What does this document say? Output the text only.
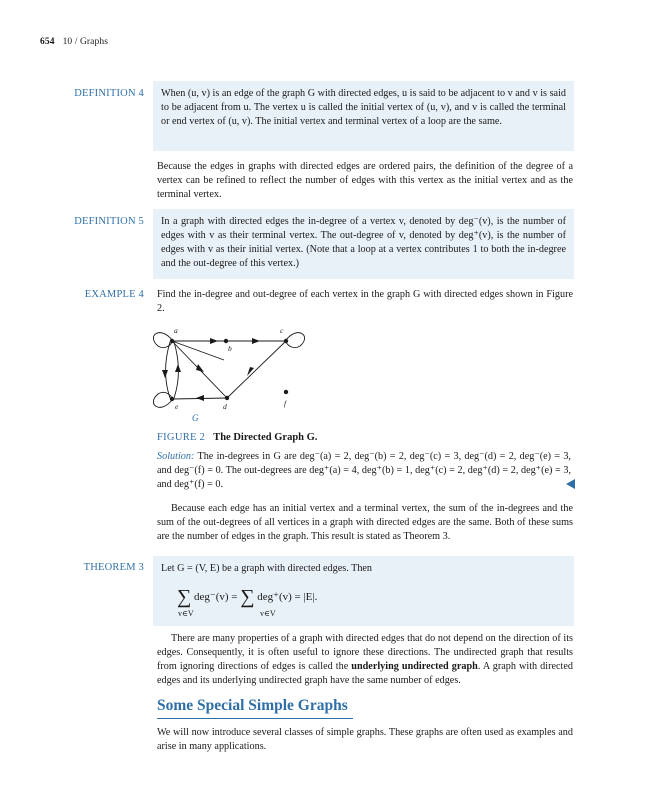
654 10 / Graphs
DEFINITION 4	When (u, v) is an edge of the graph G with directed edges, u is said to be adjacent to v and v is said to be adjacent from u. The vertex u is called the initial vertex of (u, v), and v is called the terminal or end vertex of (u, v). The initial vertex and terminal vertex of a loop are the same.
Because the edges in graphs with directed edges are ordered pairs, the definition of the degree of a vertex can be refined to reflect the number of edges with this vertex as the initial vertex and as the terminal vertex.
DEFINITION 5	In a graph with directed edges the in-degree of a vertex v, denoted by deg⁻(v), is the number of edges with v as their terminal vertex. The out-degree of v, denoted by deg⁺(v), is the number of edges with v as their initial vertex. (Note that a loop at a vertex contributes 1 to both the in-degree and the out-degree of this vertex.)
EXAMPLE 4 Find the in-degree and out-degree of each vertex in the graph G with directed edges shown in Figure 2.
a
b
c
d
e	f
G
FIGURE 2 The Directed Graph G.
Solution: The in-degrees in G are deg⁻(a) = 2, deg⁻(b) = 2, deg⁻(c) = 3, deg⁻(d) = 2, deg⁻(e) = 3, and deg⁻(f) = 0. The out-degrees are deg⁺(a) = 4, deg⁺(b) = 1, deg⁺(c) = 2, deg⁺(d) = 2, deg⁺(e) = 3, and deg⁺(f) = 0.
Because each edge has an initial vertex and a terminal vertex, the sum of the in-degrees and the sum of the out-degrees of all vertices in a graph with directed edges are the same. Both of these sums are the number of edges in the graph. This result is stated as Theorem 3.
THEOREM 3	Let G = (V, E) be a graph with directed edges. Then
∑ deg⁻(v) = ∑ deg⁺(v) = |E|.
v∈V	v∈V
There are many properties of a graph with directed edges that do not depend on the direction of its edges. Consequently, it is often useful to ignore these directions. The undirected graph that results from ignoring directions of edges is called the underlying undirected graph. A graph with directed edges and its underlying undirected graph have the same number of edges.
Some Special Simple Graphs
We will now introduce several classes of simple graphs. These graphs are often used as examples and arise in many applications.
